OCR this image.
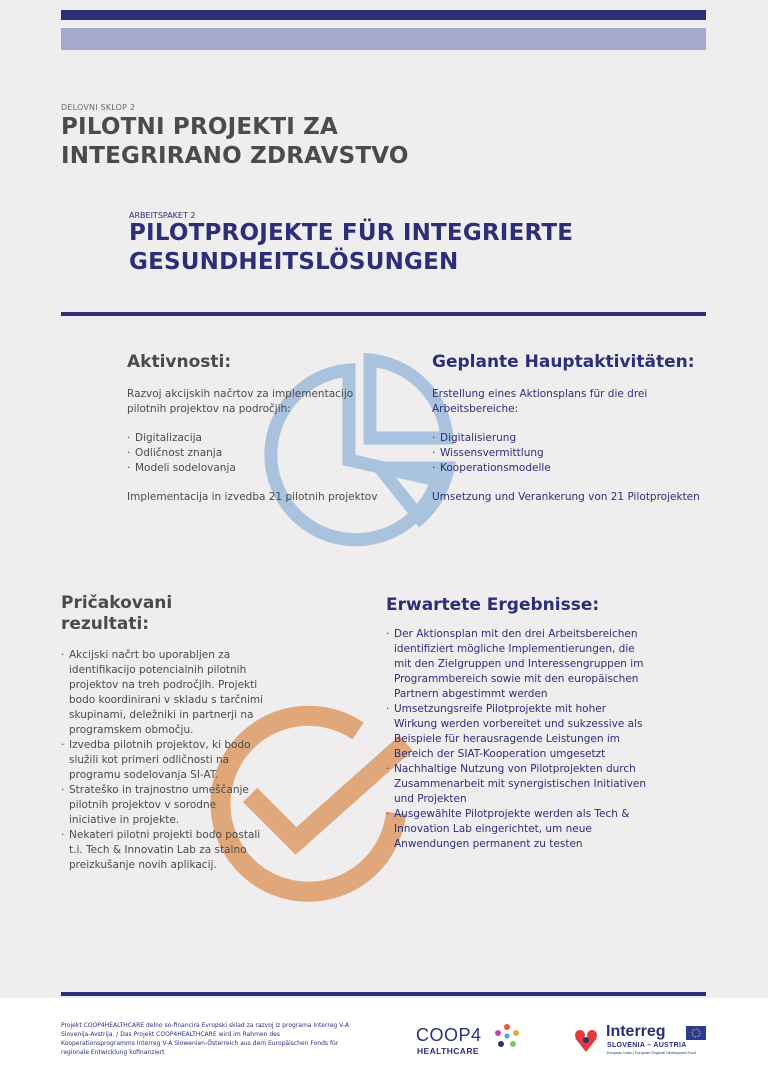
DELOVNI SKLOP 2
PILOTNI PROJEKTI ZA
INTEGRIRANO ZDRAVSTVO
ARBEITSPAKET 2
PILOTPROJEKTE FÜR INTEGRIERTE
GESUNDHEITSLÖSUNGEN
Aktivnosti:
Razvoj akcijskih načrtov za implementacijo
pilotnih projektov na področjih:
· Digitalizacija
· Odličnost znanja
· Modeli sodelovanja
Implementacija in izvedba 21 pilotnih projektov
Geplante Hauptaktivitäten:
Erstellung eines Aktionsplans für die drei
Arbeitsbereiche:
· Digitalisierung
· Wissensvermittlung
· Kooperationsmodelle
Umsetzung und Verankerung von 21 Pilotprojekten
Pričakovani
rezultati:
· Akcijski načrt bo uporabljen za
identifikacijo potencialnih pilotnih
projektov na treh področjih. Projekti
bodo koordinirani v skladu s tarčnimi
skupinami, deležniki in partnerji na
programskem območju.
· Izvedba pilotnih projektov, ki bodo
služili kot primeri odličnosti na
programu sodelovanja SI-AT.
· Strateško in trajnostno umeščanje
pilotnih projektov v sorodne
iniciative in projekte.
· Nekateri pilotni projekti bodo postali
t.i. Tech & Innovatin Lab za stalno
preizkušanje novih aplikacij.
Erwartete Ergebnisse:
· Der Aktionsplan mit den drei Arbeitsbereichen
identifiziert mögliche Implementierungen, die
mit den Zielgruppen und Interessengruppen im
Programmbereich sowie mit den europäischen
Partnern abgestimmt werden
· Umsetzungsreife Pilotprojekte mit hoher
Wirkung werden vorbereitet und sukzessive als
Beispiele für herausragende Leistungen im
Bereich der SIAT-Kooperation umgesetzt
· Nachhaltige Nutzung von Pilotprojekten durch
Zusammenarbeit mit synergistischen Initiativen
und Projekten
· Ausgewählte Pilotprojekte werden als Tech &
Innovation Lab eingerichtet, um neue
Anwendungen permanent zu testen
Projekt COOP4HEALTHCARE delno so-financira Evropski sklad za razvoj iz programa Interreg V-A
Slovenija-Avstrija. / Das Projekt COOP4HEALTHCARE wird im Rahmen des
Kooperationsprogramms Interreg V-A Slowenien-Österreich aus dem Europäischen Fonds für
regionale Entwicklung kofinanziert
COOP4
HEALTHCARE
Interreg
SLOVENIA – AUSTRIA
European Union | European Regional Development Fund
